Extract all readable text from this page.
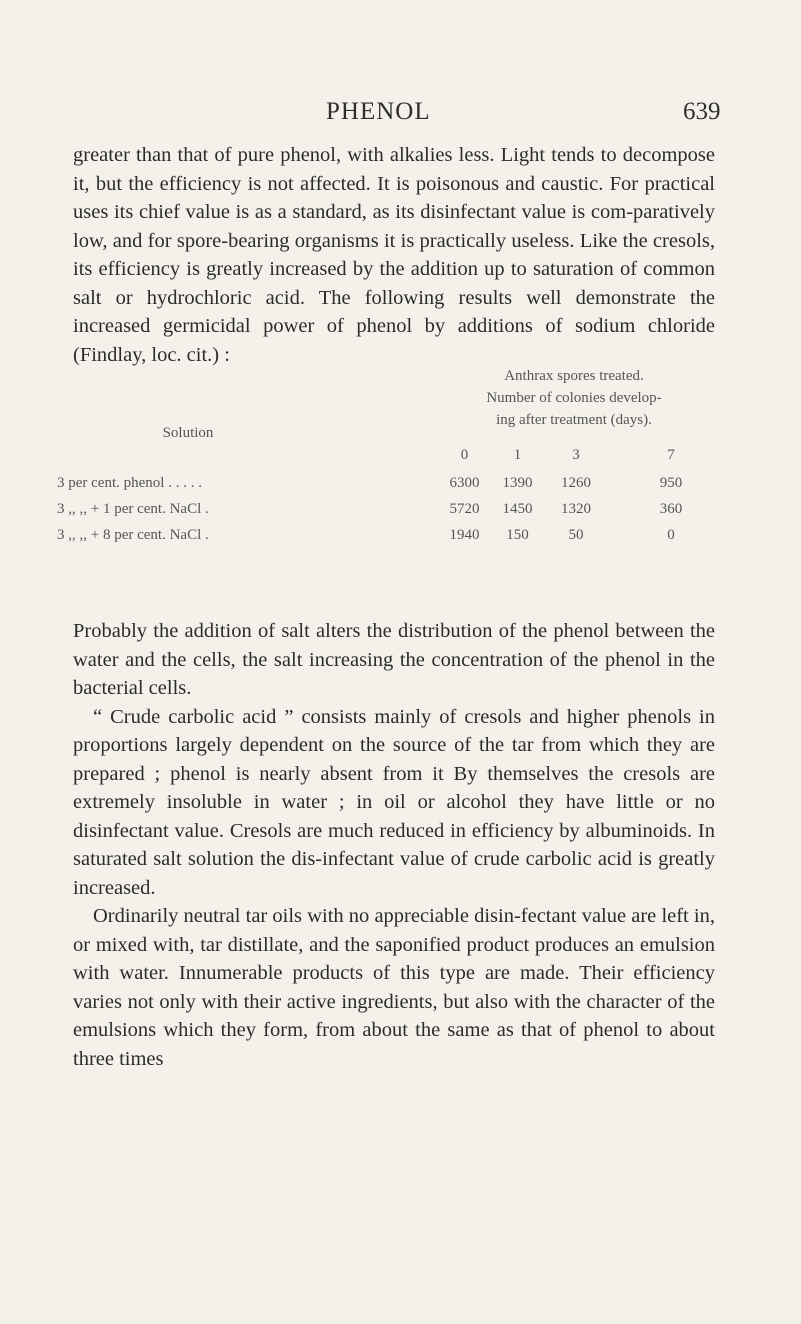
PHENOL	639
greater than that of pure phenol, with alkalies less. Light tends to decompose it, but the efficiency is not affected. It is poisonous and caustic. For practical uses its chief value is as a standard, as its disinfectant value is com-paratively low, and for spore-bearing organisms it is practically useless. Like the cresols, its efficiency is greatly increased by the addition up to saturation of common salt or hydrochloric acid. The following results well demonstrate the increased germicidal power of phenol by additions of sodium chloride (Findlay, loc. cit.) :
Anthrax spores treated.
Number of colonies develop-
ing after treatment (days).
Solution
0	1	3	7
3 per cent. phenol . . . . .	6300	1390	1260	950
3 ,, ,, + 1 per cent. NaCl .	5720	1450	1320	360
3 ,, ,, + 8 per cent. NaCl .	1940	150	50	0
Probably the addition of salt alters the distribution of the phenol between the water and the cells, the salt increasing the concentration of the phenol in the bacterial cells.
“ Crude carbolic acid ” consists mainly of cresols and higher phenols in proportions largely dependent on the source of the tar from which they are prepared ; phenol is nearly absent from it By themselves the cresols are extremely insoluble in water ; in oil or alcohol they have little or no disinfectant value. Cresols are much reduced in efficiency by albuminoids. In saturated salt solution the dis-infectant value of crude carbolic acid is greatly increased.
Ordinarily neutral tar oils with no appreciable disin-fectant value are left in, or mixed with, tar distillate, and the saponified product produces an emulsion with water. Innumerable products of this type are made. Their efficiency varies not only with their active ingredients, but also with the character of the emulsions which they form, from about the same as that of phenol to about three times
